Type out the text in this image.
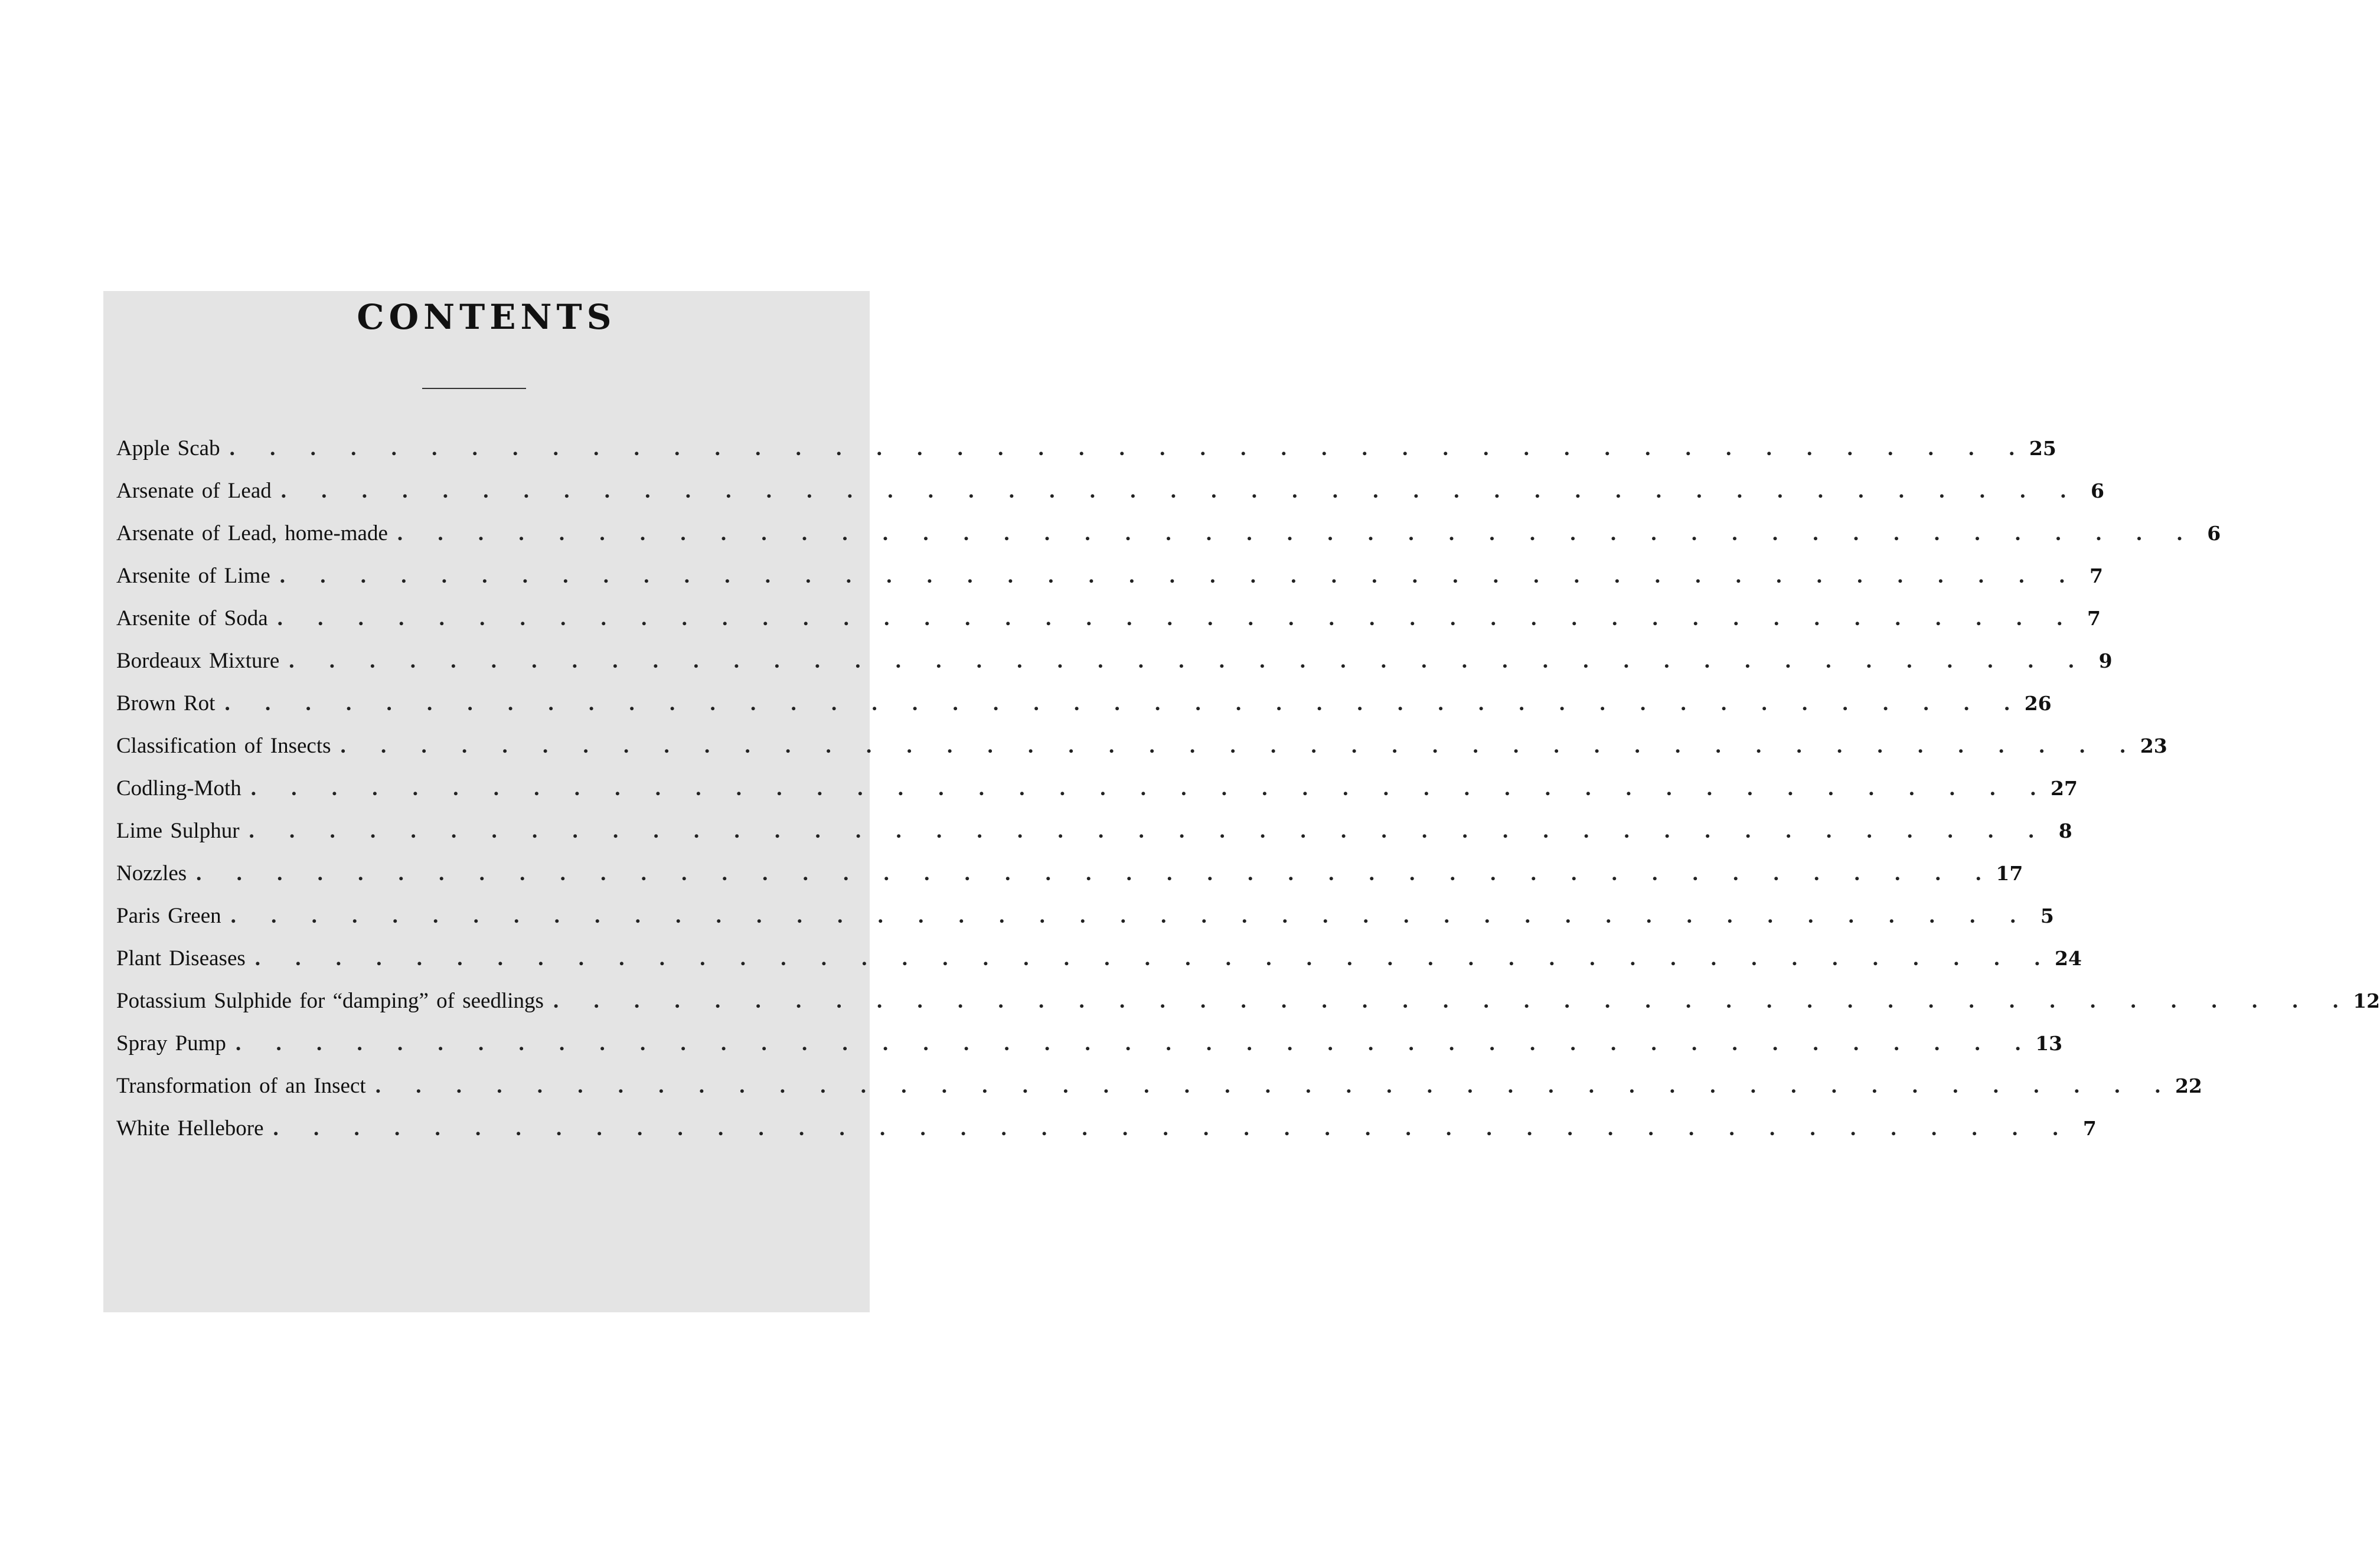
CONTENTS
Apple Scab . . . . . . . . . . . . . . . . . . . . . . . . . . . . . . . . . . . . . . . . . . . . . 25
Arsenate of Lead . . . . . . . . . . . . . . . . . . . . . . . . . . . . . . . . . . . . . . . . . . . . . 6
Arsenate of Lead, home-made . . . . . . . . . . . . . . . . . . . . . . . . . . . . . . . . . . . . . . . . . . . . . 6
Arsenite of Lime . . . . . . . . . . . . . . . . . . . . . . . . . . . . . . . . . . . . . . . . . . . . . 7
Arsenite of Soda . . . . . . . . . . . . . . . . . . . . . . . . . . . . . . . . . . . . . . . . . . . . . 7
Bordeaux Mixture . . . . . . . . . . . . . . . . . . . . . . . . . . . . . . . . . . . . . . . . . . . . . 9
Brown Rot . . . . . . . . . . . . . . . . . . . . . . . . . . . . . . . . . . . . . . . . . . . . . 26
Classification of Insects . . . . . . . . . . . . . . . . . . . . . . . . . . . . . . . . . . . . . . . . . . . . . 23
Codling-Moth . . . . . . . . . . . . . . . . . . . . . . . . . . . . . . . . . . . . . . . . . . . . . 27
Lime Sulphur . . . . . . . . . . . . . . . . . . . . . . . . . . . . . . . . . . . . . . . . . . . . . 8
Nozzles . . . . . . . . . . . . . . . . . . . . . . . . . . . . . . . . . . . . . . . . . . . . . 17
Paris Green . . . . . . . . . . . . . . . . . . . . . . . . . . . . . . . . . . . . . . . . . . . . . 5
Plant Diseases . . . . . . . . . . . . . . . . . . . . . . . . . . . . . . . . . . . . . . . . . . . . . 24
Potassium Sulphide for “damping” of seedlings . . . . . . . . . . . . . . . . . . . . . . . . . . . . . . . . . . . . . . . . . . . . . 12
Spray Pump . . . . . . . . . . . . . . . . . . . . . . . . . . . . . . . . . . . . . . . . . . . . . 13
Transformation of an Insect . . . . . . . . . . . . . . . . . . . . . . . . . . . . . . . . . . . . . . . . . . . . . 22
White Hellebore . . . . . . . . . . . . . . . . . . . . . . . . . . . . . . . . . . . . . . . . . . . . . 7
